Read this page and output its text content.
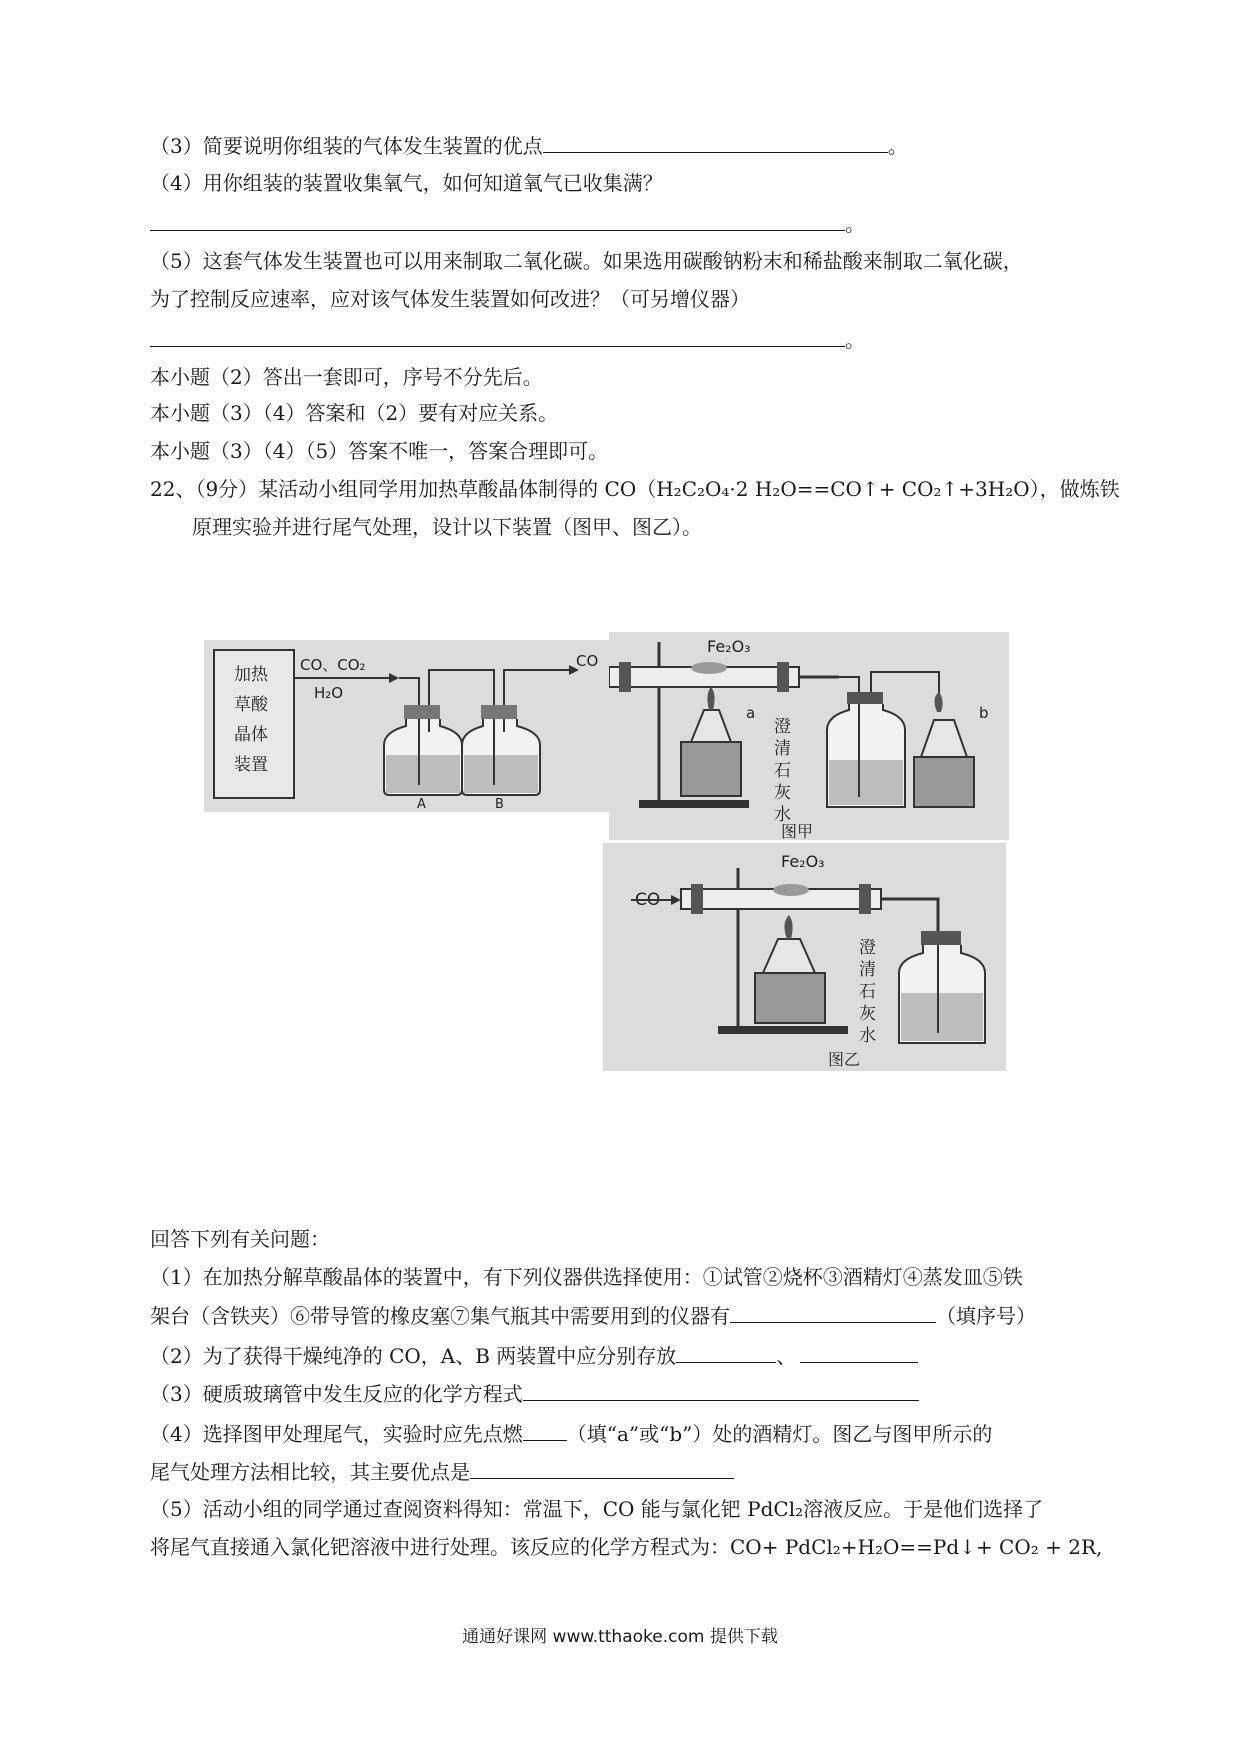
（3）简要说明你组装的气体发生装置的优点	。
（4）用你组装的装置收集氧气，如何知道氧气已收集满？
。
（5）这套气体发生装置也可以用来制取二氧化碳。如果选用碳酸钠粉末和稀盐酸来制取二氧化碳，
为了控制反应速率，应对该气体发生装置如何改进？（可另增仪器）
。
本小题（2）答出一套即可，序号不分先后。
本小题（3）（4）答案和（2）要有对应关系。
本小题（3）（4）（5）答案不唯一，答案合理即可。
22、（9分）某活动小组同学用加热草酸晶体制得的 CO（H₂C₂O₄·2 H₂O==CO↑+ CO₂↑+3H₂O），做炼铁
原理实验并进行尾气处理，设计以下装置（图甲、图乙）。
加热
草酸
晶体
装置
CO、CO₂
H₂O
CO
A	B
Fe₂O₃
a
澄
清
石
灰
水
b
图甲
CO
Fe₂O₃
澄
清
石
灰
水
图乙
回答下列有关问题：
（1）在加热分解草酸晶体的装置中，有下列仪器供选择使用：①试管②烧杯③酒精灯④蒸发皿⑤铁
架台（含铁夹）⑥带导管的橡皮塞⑦集气瓶其中需要用到的仪器有	（填序号）
（2）为了获得干燥纯净的 CO，A、B 两装置中应分别存放	、
（3）硬质玻璃管中发生反应的化学方程式
（4）选择图甲处理尾气，实验时应先点燃 （填“a”或“b”）处的酒精灯。图乙与图甲所示的
尾气处理方法相比较，其主要优点是
（5）活动小组的同学通过查阅资料得知：常温下，CO 能与氯化钯 PdCl₂溶液反应。于是他们选择了
将尾气直接通入氯化钯溶液中进行处理。该反应的化学方程式为：CO+ PdCl₂+H₂O==Pd↓+ CO₂ + 2R,
通通好课网 www.tthaoke.com 提供下载
